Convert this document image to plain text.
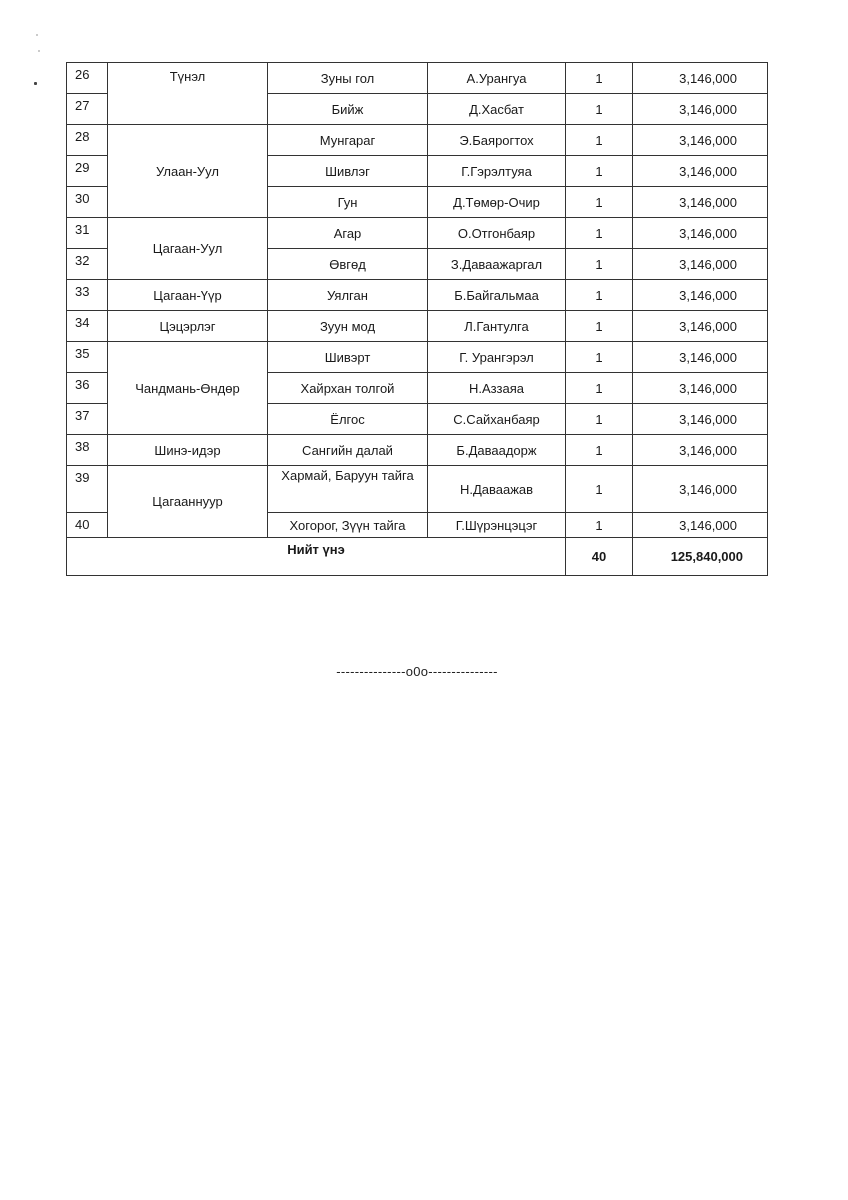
26	Түнэл	Зуны гол	А.Урангуа	1	3,146,000
27		Бийж	Д.Хасбат	1	3,146,000
28	Улаан-Уул	Мунгараг	Э.Баярогтох	1	3,146,000
29		Шивлэг	Г.Гэрэлтуяа	1	3,146,000
30		Гун	Д.Төмөр-Очир	1	3,146,000
31	Цагаан-Уул	Агар	О.Отгонбаяр	1	3,146,000
32		Өвгөд	З.Даваажаргал	1	3,146,000
33	Цагаан-Үүр	Уялган	Б.Байгальмаа	1	3,146,000
34	Цэцэрлэг	Зуун мод	Л.Гантулга	1	3,146,000
35	Чандмань-Өндөр	Шивэрт	Г. Урангэрэл	1	3,146,000
36		Хайрхан толгой	Н.Аззаяа	1	3,146,000
37		Ёлгос	С.Сайханбаяр	1	3,146,000
38	Шинэ-идэр	Сангийн далай	Б.Даваадорж	1	3,146,000
39	Цагааннуур	Хармай, Баруун тайга	Н.Даваажав	1	3,146,000
40		Хогорог, Зүүн тайга	Г.Шүрэнцэцэг	1	3,146,000
Нийт үнэ				40	125,840,000
---------------о0о---------------
